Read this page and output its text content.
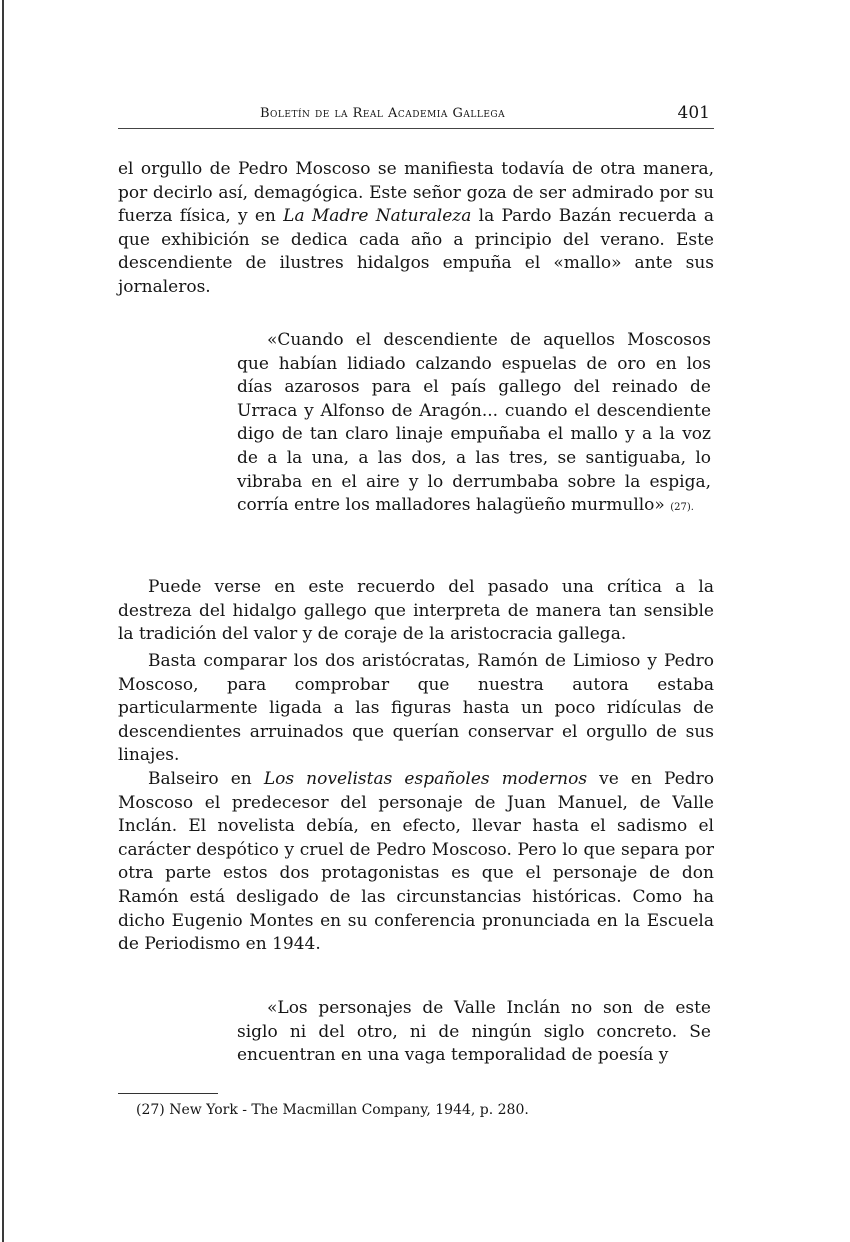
Boletín de la Real Academia Gallega	401
el orgullo de Pedro Moscoso se manifiesta todavía de otra manera, por decirlo así, demagógica. Este señor goza de ser admirado por su fuerza física, y en La Madre Naturaleza la Pardo Bazán recuerda a que exhibición se dedica cada año a principio del verano. Este descendiente de ilustres hidalgos empuña el «mallo» ante sus jornaleros.
«Cuando el descendiente de aquellos Moscosos que habían lidiado calzando espuelas de oro en los días azarosos para el país gallego del reinado de Urraca y Alfonso de Aragón... cuando el descendiente digo de tan claro linaje empuñaba el mallo y a la voz de a la una, a las dos, a las tres, se santiguaba, lo vibraba en el aire y lo derrumbaba sobre la espiga, corría entre los malladores halagüeño murmullo» (27).
Puede verse en este recuerdo del pasado una crítica a la destreza del hidalgo gallego que interpreta de manera tan sensible la tradición del valor y de coraje de la aristocracia gallega.
Basta comparar los dos aristócratas, Ramón de Limioso y Pedro Moscoso, para comprobar que nuestra autora estaba particularmente ligada a las figuras hasta un poco ridículas de descendientes arruinados que querían conservar el orgullo de sus linajes.
Balseiro en Los novelistas españoles modernos ve en Pedro Moscoso el predecesor del personaje de Juan Manuel, de Valle Inclán. El novelista debía, en efecto, llevar hasta el sadismo el carácter despótico y cruel de Pedro Moscoso. Pero lo que separa por otra parte estos dos protagonistas es que el personaje de don Ramón está desligado de las circunstancias históricas. Como ha dicho Eugenio Montes en su conferencia pronunciada en la Escuela de Periodismo en 1944.
«Los personajes de Valle Inclán no son de este siglo ni del otro, ni de ningún siglo concreto. Se encuentran en una vaga temporalidad de poesía y
(27) New York - The Macmillan Company, 1944, p. 280.
